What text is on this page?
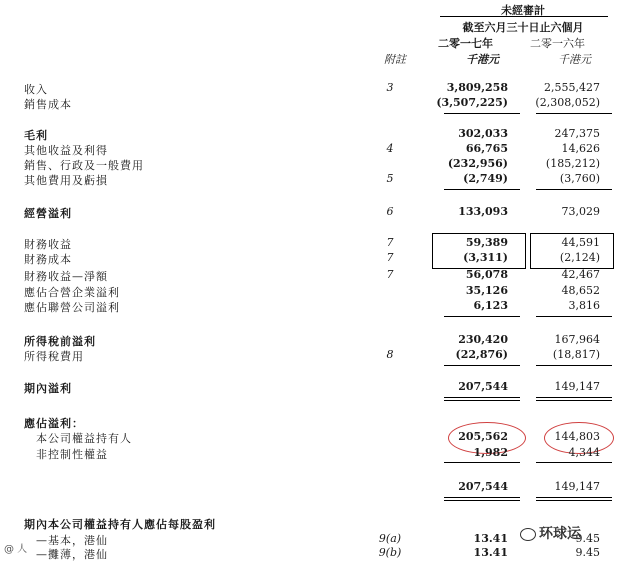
未經審計
截至六月三十日止六個月
二零一七年	二零一六年
附註	千港元	千港元
收入	3	3,809,258	2,555,427
銷售成本	(3,507,225) (2,308,052)
毛利	302,033	247,375
其他收益及利得	4	66,765	14,626
銷售、行政及一般費用	(232,956)	(185,212)
其他費用及虧損	5	(2,749)	(3,760)
經營溢利	6	133,093	73,029
財務收益	7	59,389	44,591
財務成本	7	(3,311)	(2,124)
財務收益—淨額	7	56,078	42,467
應佔合營企業溢利	35,126	48,652
應佔聯營公司溢利	6,123	3,816
所得稅前溢利	230,420	167,964
所得稅費用	8	(22,876)	(18,817)
期內溢利	207,544	149,147
應佔溢利：
本公司權益持有人	205,562	144,803
非控制性權益	1,982	4,344
207,544	149,147
期內本公司權益持有人應佔每股盈利
—基本，港仙	9(a)	13.41	9.45
—攤薄，港仙	9(b)	13.41	9.45
@ 人
环球运
